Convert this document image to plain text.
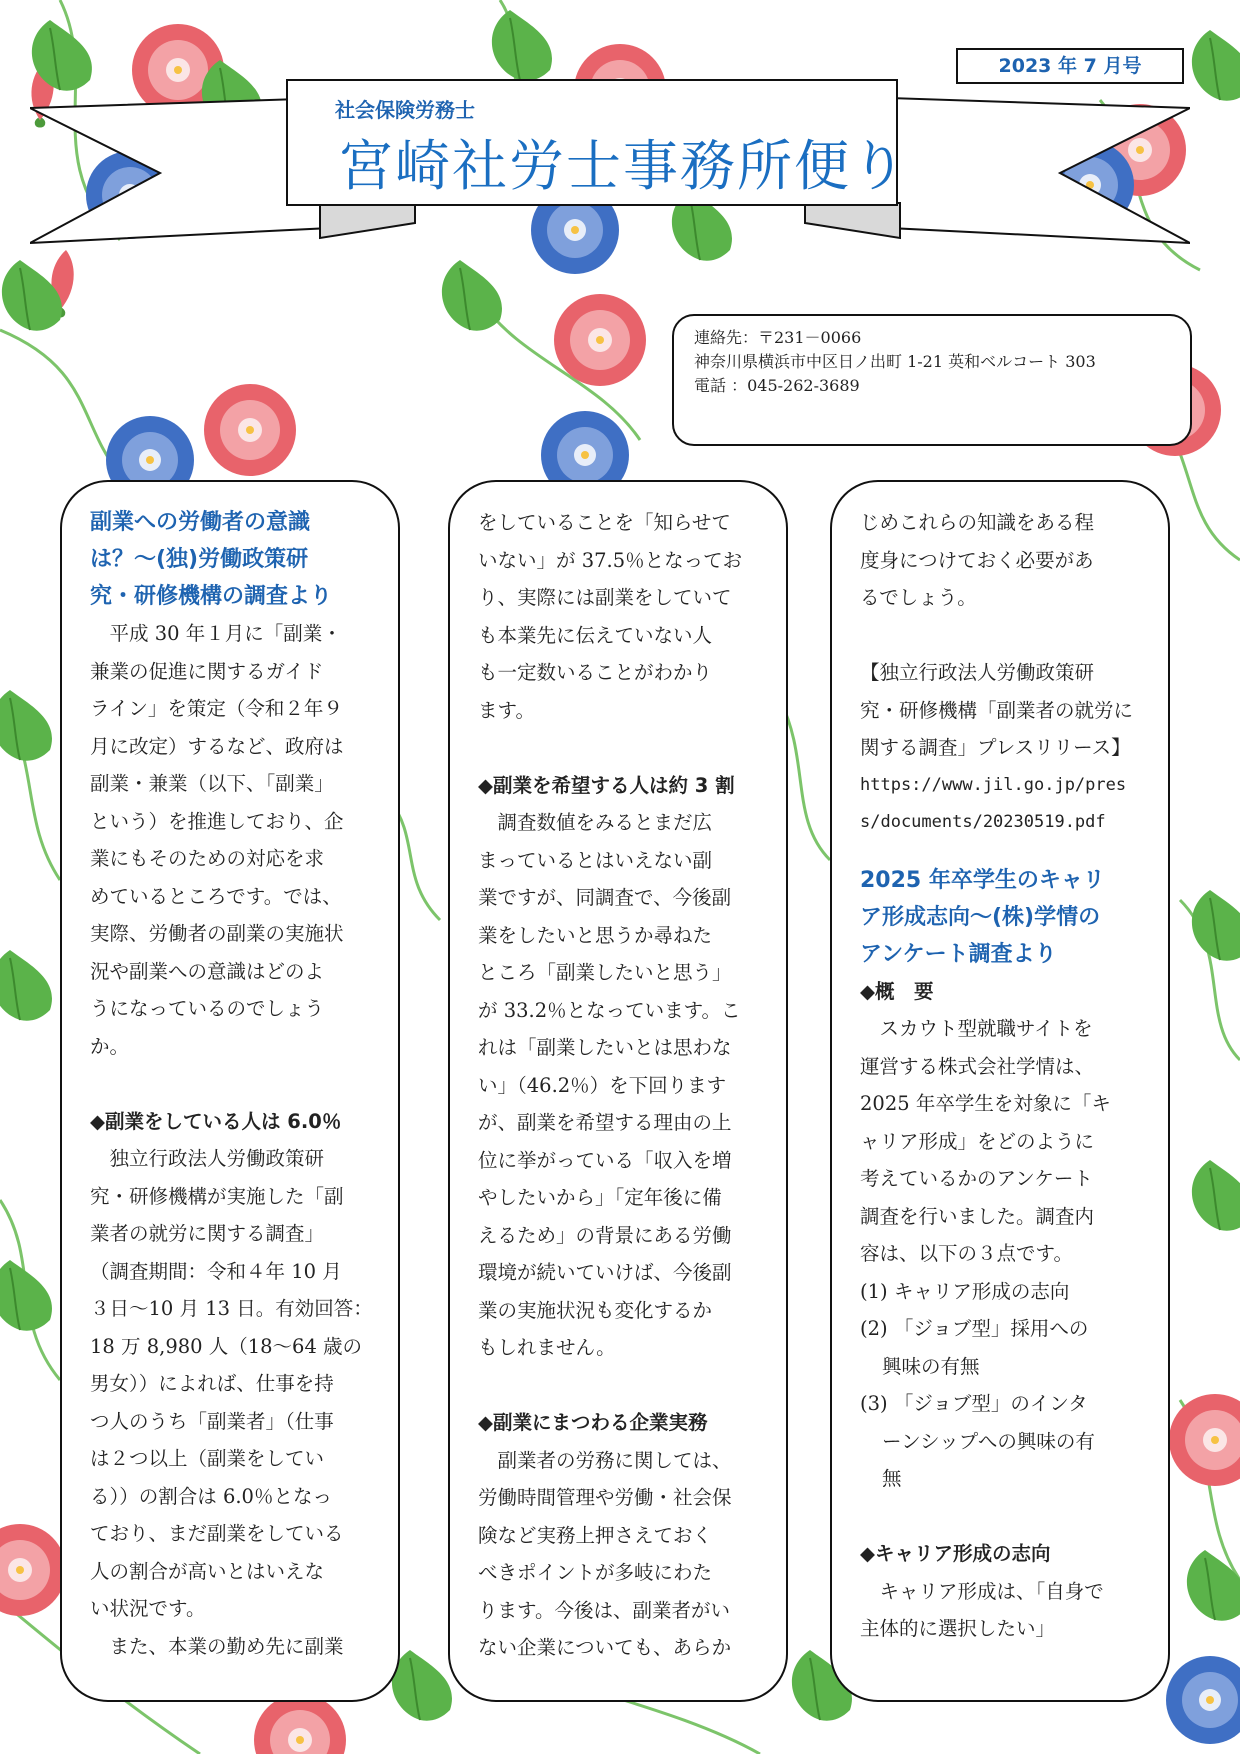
2023 年 7 月号
社会保険労務士
宮崎社労士事務所便り
連絡先：〒231－0066
神奈川県横浜市中区日ノ出町 1-21 英和ベルコート 303
電話 ：045-262-3689

副業への労働者の意識

は？～(独)労働政策研

究・研修機構の調査より

　平成 30 年１月に「副業・

兼業の促進に関するガイド

ライン」を策定（令和２年９

月に改定）するなど、政府は

副業・兼業（以下、「副業」

という）を推進しており、企

業にもそのための対応を求

めているところです。では、

実際、労働者の副業の実施状

況や副業への意識はどのよ

うになっているのでしょう

か。

◆副業をしている人は 6.0％

　独立行政法人労働政策研

究・研修機構が実施した「副

業者の就労に関する調査」

（調査期間：令和４年 10 月

３日～10 月 13 日。有効回答：

18 万 8,980 人（18～64 歳の

男女））によれば、仕事を持

つ人のうち「副業者」（仕事

は２つ以上（副業をしてい

る））の割合は 6.0％となっ

ており、まだ副業をしている

人の割合が高いとはいえな

い状況です。

　また、本業の勤め先に副業

をしていることを「知らせて

いない」が 37.5％となってお

り、実際には副業をしていて

も本業先に伝えていない人

も一定数いることがわかり

ます。

◆副業を希望する人は約 3 割

　調査数値をみるとまだ広

まっているとはいえない副

業ですが、同調査で、今後副

業をしたいと思うか尋ねた

ところ「副業したいと思う」

が 33.2％となっています。こ

れは「副業したいとは思わな

い」（46.2％）を下回ります

が、副業を希望する理由の上

位に挙がっている「収入を増

やしたいから」「定年後に備

えるため」の背景にある労働

環境が続いていけば、今後副

業の実施状況も変化するか

もしれません。

◆副業にまつわる企業実務

　副業者の労務に関しては、

労働時間管理や労働・社会保

険など実務上押さえておく

べきポイントが多岐にわた

ります。今後は、副業者がい

ない企業についても、あらか

じめこれらの知識をある程

度身につけておく必要があ

るでしょう。

【独立行政法人労働政策研

究・研修機構「副業者の就労に

関する調査」プレスリリース】

https://www.jil.go.jp/pres

s/documents/20230519.pdf

2025 年卒学生のキャリ

ア形成志向～(株)学情の

アンケート調査より

◆概　要

　スカウト型就職サイトを

運営する株式会社学情は、

2025 年卒学生を対象に「キ

ャリア形成」をどのように

考えているかのアンケート

調査を行いました。調査内

容は、以下の３点です。

(1) キャリア形成の志向

(2) 「ジョブ型」採用への

興味の有無

(3) 「ジョブ型」のインタ

ーンシップへの興味の有

無

◆キャリア形成の志向

　キャリア形成は、「自身で

主体的に選択したい」
